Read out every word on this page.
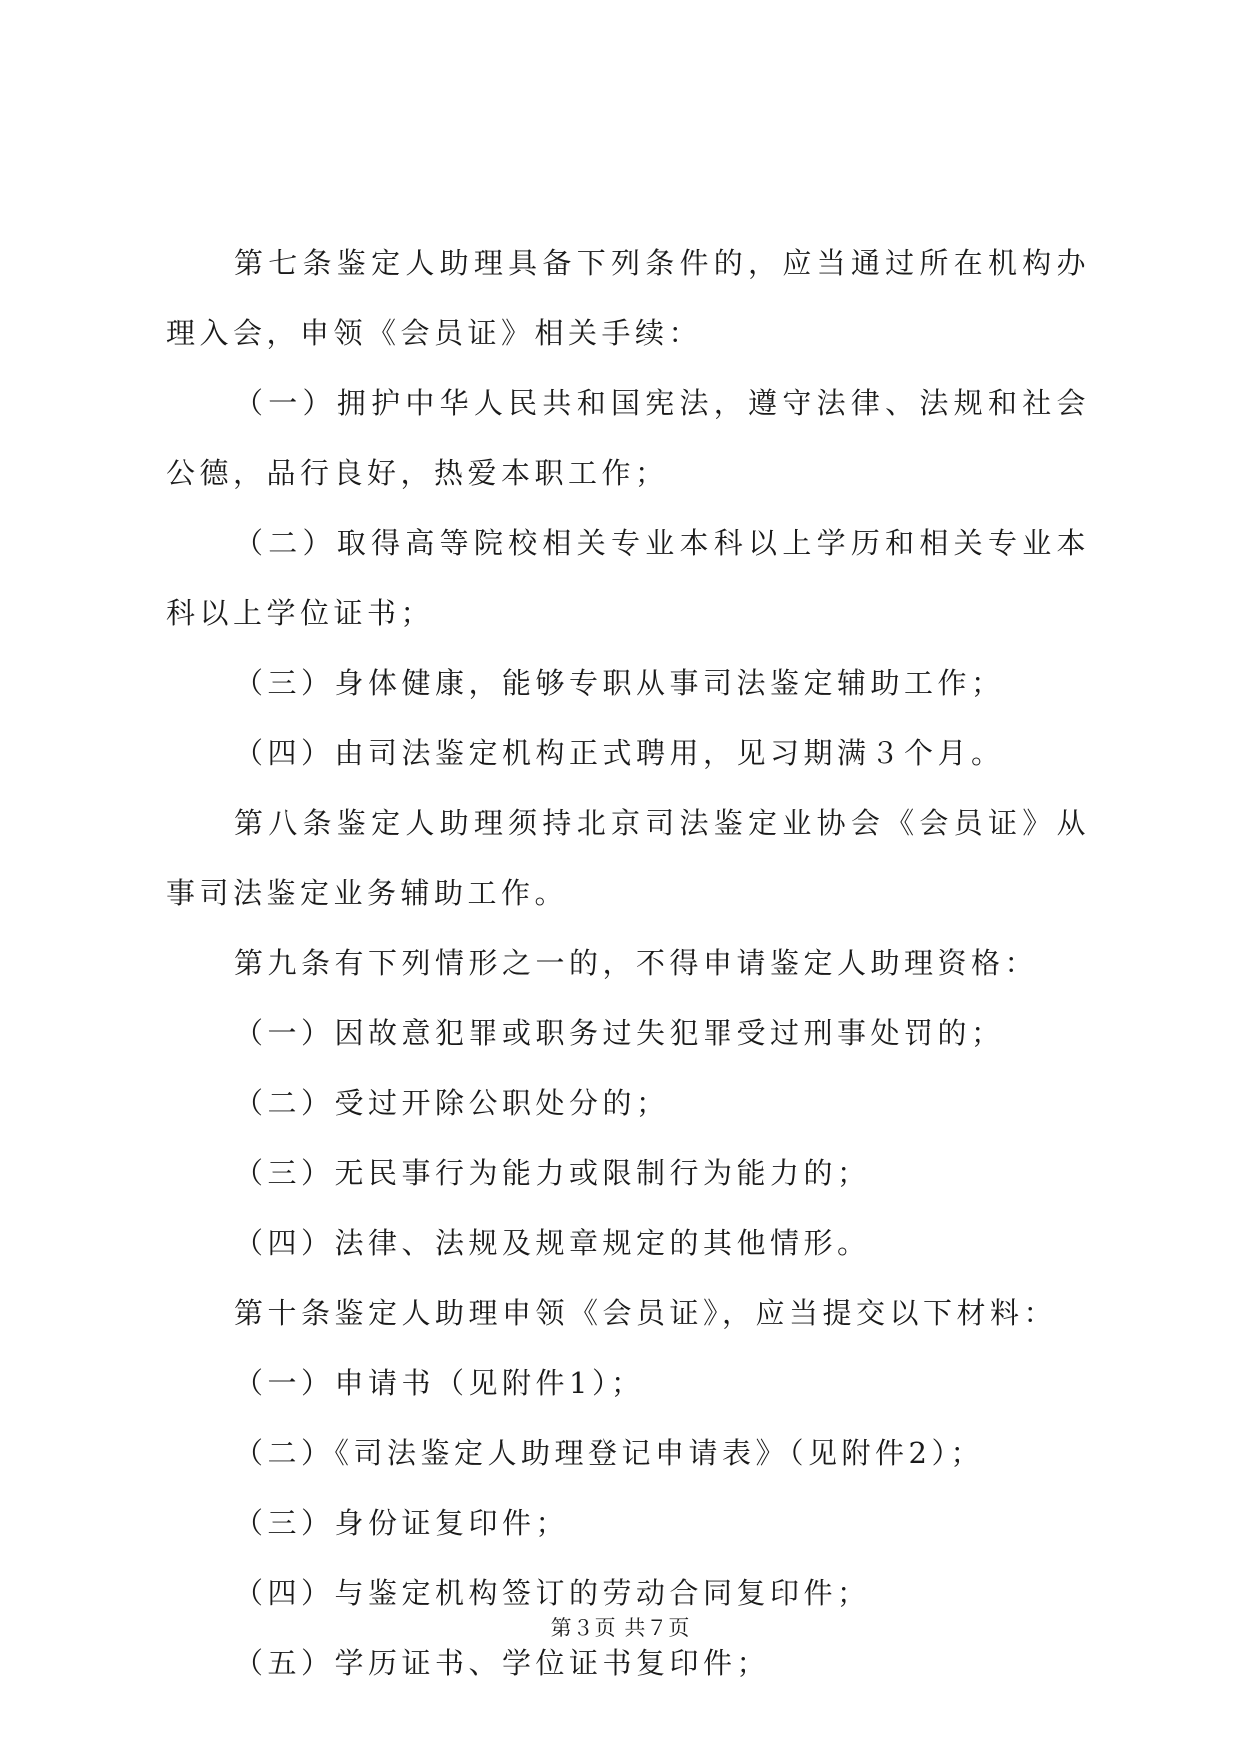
第七条鉴定人助理具备下列条件的，应当通过所在机构办理入会，申领《会员证》相关手续：

（一）拥护中华人民共和国宪法，遵守法律、法规和社会公德，品行良好，热爱本职工作；

（二）取得高等院校相关专业本科以上学历和相关专业本科以上学位证书；

（三）身体健康，能够专职从事司法鉴定辅助工作；

（四）由司法鉴定机构正式聘用，见习期满３个月。

第八条鉴定人助理须持北京司法鉴定业协会《会员证》从事司法鉴定业务辅助工作。

第九条有下列情形之一的，不得申请鉴定人助理资格：

（一）因故意犯罪或职务过失犯罪受过刑事处罚的；

（二）受过开除公职处分的；

（三）无民事行为能力或限制行为能力的；

（四）法律、法规及规章规定的其他情形。

第十条鉴定人助理申领《会员证》，应当提交以下材料：

（一）申请书（见附件1）；

（二）《司法鉴定人助理登记申请表》（见附件2）；

（三）身份证复印件；

（四）与鉴定机构签订的劳动合同复印件；

（五）学历证书、学位证书复印件；

第３页 共７页
